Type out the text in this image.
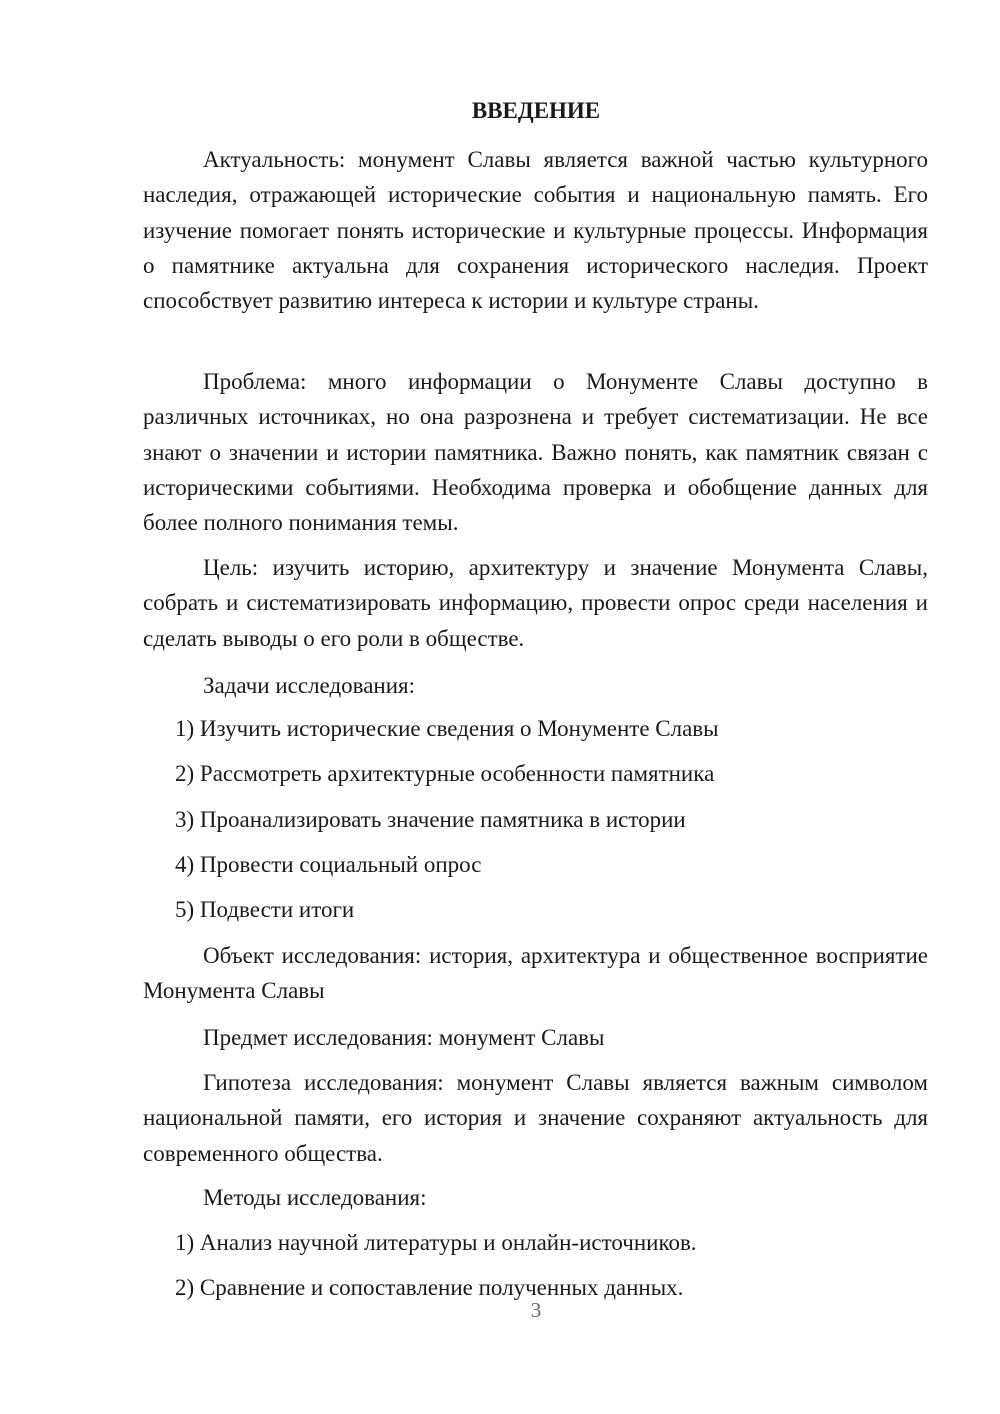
ВВЕДЕНИЕ

Актуальность: монумент Славы является важной частью культурного наследия, отражающей исторические события и национальную память. Его изучение помогает понять исторические и культурные процессы. Информация о памятнике актуальна для сохранения исторического наследия. Проект способствует развитию интереса к истории и культуре страны.

Проблема: много информации о Монументе Славы доступно в различных источниках, но она разрознена и требует систематизации. Не все знают о значении и истории памятника. Важно понять, как памятник связан с историческими событиями. Необходима проверка и обобщение данных для более полного понимания темы.

Цель: изучить историю, архитектуру и значение Монумента Славы, собрать и систематизировать информацию, провести опрос среди населения и сделать выводы о его роли в обществе.

Задачи исследования:

1) Изучить исторические сведения о Монументе Славы
2) Рассмотреть архитектурные особенности памятника
3) Проанализировать значение памятника в истории
4) Провести социальный опрос
5) Подвести итоги

Объект исследования: история, архитектура и общественное восприятие Монумента Славы

Предмет исследования: монумент Славы

Гипотеза исследования: монумент Славы является важным символом национальной памяти, его история и значение сохраняют актуальность для современного общества.

Методы исследования:

1) Анализ научной литературы и онлайн-источников.
2) Сравнение и сопоставление полученных данных.
3
